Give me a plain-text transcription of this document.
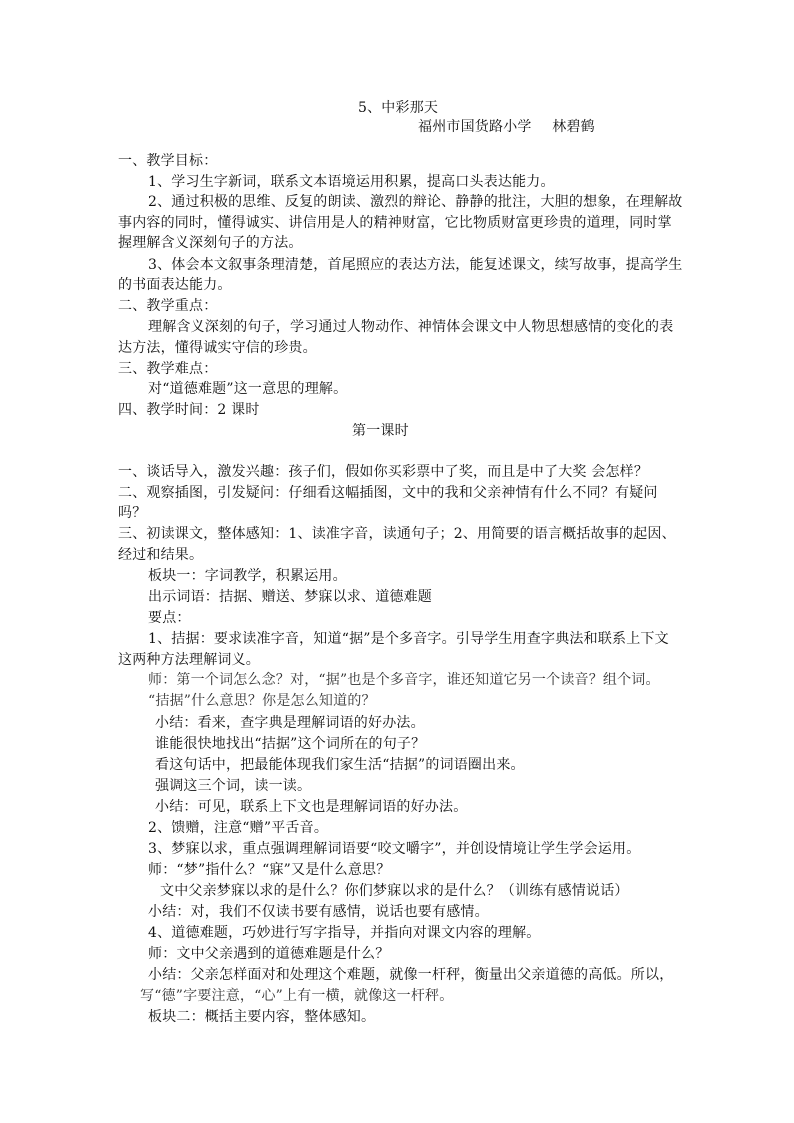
5、中彩那天
福州市国货路小学 林碧鹤
一、教学目标：
1、学习生字新词，联系文本语境运用积累，提高口头表达能力。
2、通过积极的思维、反复的朗读、激烈的辩论、静静的批注，大胆的想象，在理解故
事内容的同时，懂得诚实、讲信用是人的精神财富，它比物质财富更珍贵的道理，同时掌
握理解含义深刻句子的方法。
3、体会本文叙事条理清楚，首尾照应的表达方法，能复述课文，续写故事，提高学生
的书面表达能力。
二、教学重点：
理解含义深刻的句子，学习通过人物动作、神情体会课文中人物思想感情的变化的表
达方法，懂得诚实守信的珍贵。
三、教学难点：
对“道德难题”这一意思的理解。
四、教学时间：2 课时
第一课时
一、谈话导入，激发兴趣：孩子们，假如你买彩票中了奖，而且是中了大奖 会怎样？
二、观察插图，引发疑问：仔细看这幅插图，文中的我和父亲神情有什么不同？有疑问
吗？
三、初读课文，整体感知：1、读准字音，读通句子；2、用简要的语言概括故事的起因、
经过和结果。
板块一：字词教学，积累运用。
出示词语：拮据、赠送、梦寐以求、道德难题
要点：
1、拮据：要求读准字音，知道“据”是个多音字。引导学生用查字典法和联系上下文
这两种方法理解词义。
师：第一个词怎么念？对，“据”也是个多音字，谁还知道它另一个读音？组个词。
“拮据”什么意思？你是怎么知道的？
小结：看来，查字典是理解词语的好办法。
谁能很快地找出“拮据”这个词所在的句子？
看这句话中，把最能体现我们家生活“拮据”的词语圈出来。
强调这三个词，读一读。
小结：可见，联系上下文也是理解词语的好办法。
2、馈赠，注意“赠”平舌音。
3、梦寐以求，重点强调理解词语要“咬文嚼字”，并创设情境让学生学会运用。
师：“梦”指什么？“寐”又是什么意思？
文中父亲梦寐以求的是什么？你们梦寐以求的是什么？（训练有感情说话）
小结：对，我们不仅读书要有感情，说话也要有感情。
4、道德难题，巧妙进行写字指导，并指向对课文内容的理解。
师：文中父亲遇到的道德难题是什么？
小结：父亲怎样面对和处理这个难题，就像一杆秤，衡量出父亲道德的高低。所以，
写“德”字要注意，“心”上有一横，就像这一杆秤。
板块二：概括主要内容，整体感知。
